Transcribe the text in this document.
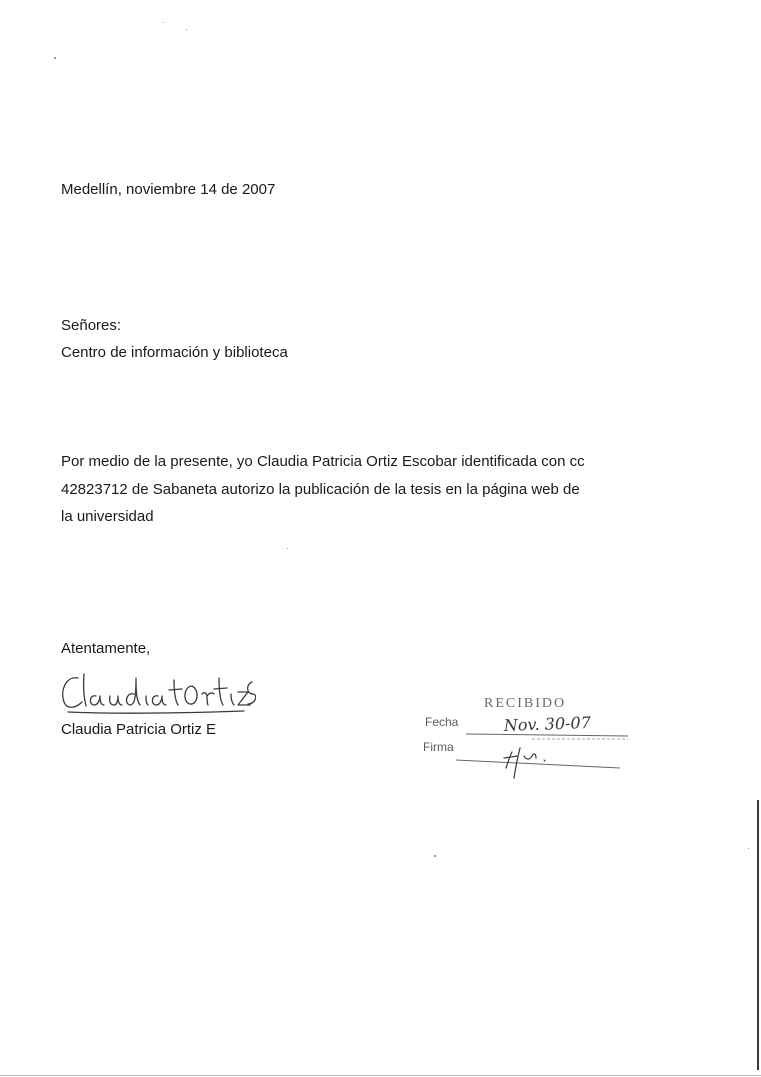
Medellín, noviembre 14 de 2007
Señores:
Centro de información y biblioteca
Por medio de la presente, yo Claudia Patricia Ortiz Escobar identificada con cc
42823712 de Sabaneta autorizo la publicación de la tesis en la página web de
la universidad
Atentamente,
Claudia Patricia Ortiz E
RECIBIDO
Fecha	Nov. 30-07
Firma
